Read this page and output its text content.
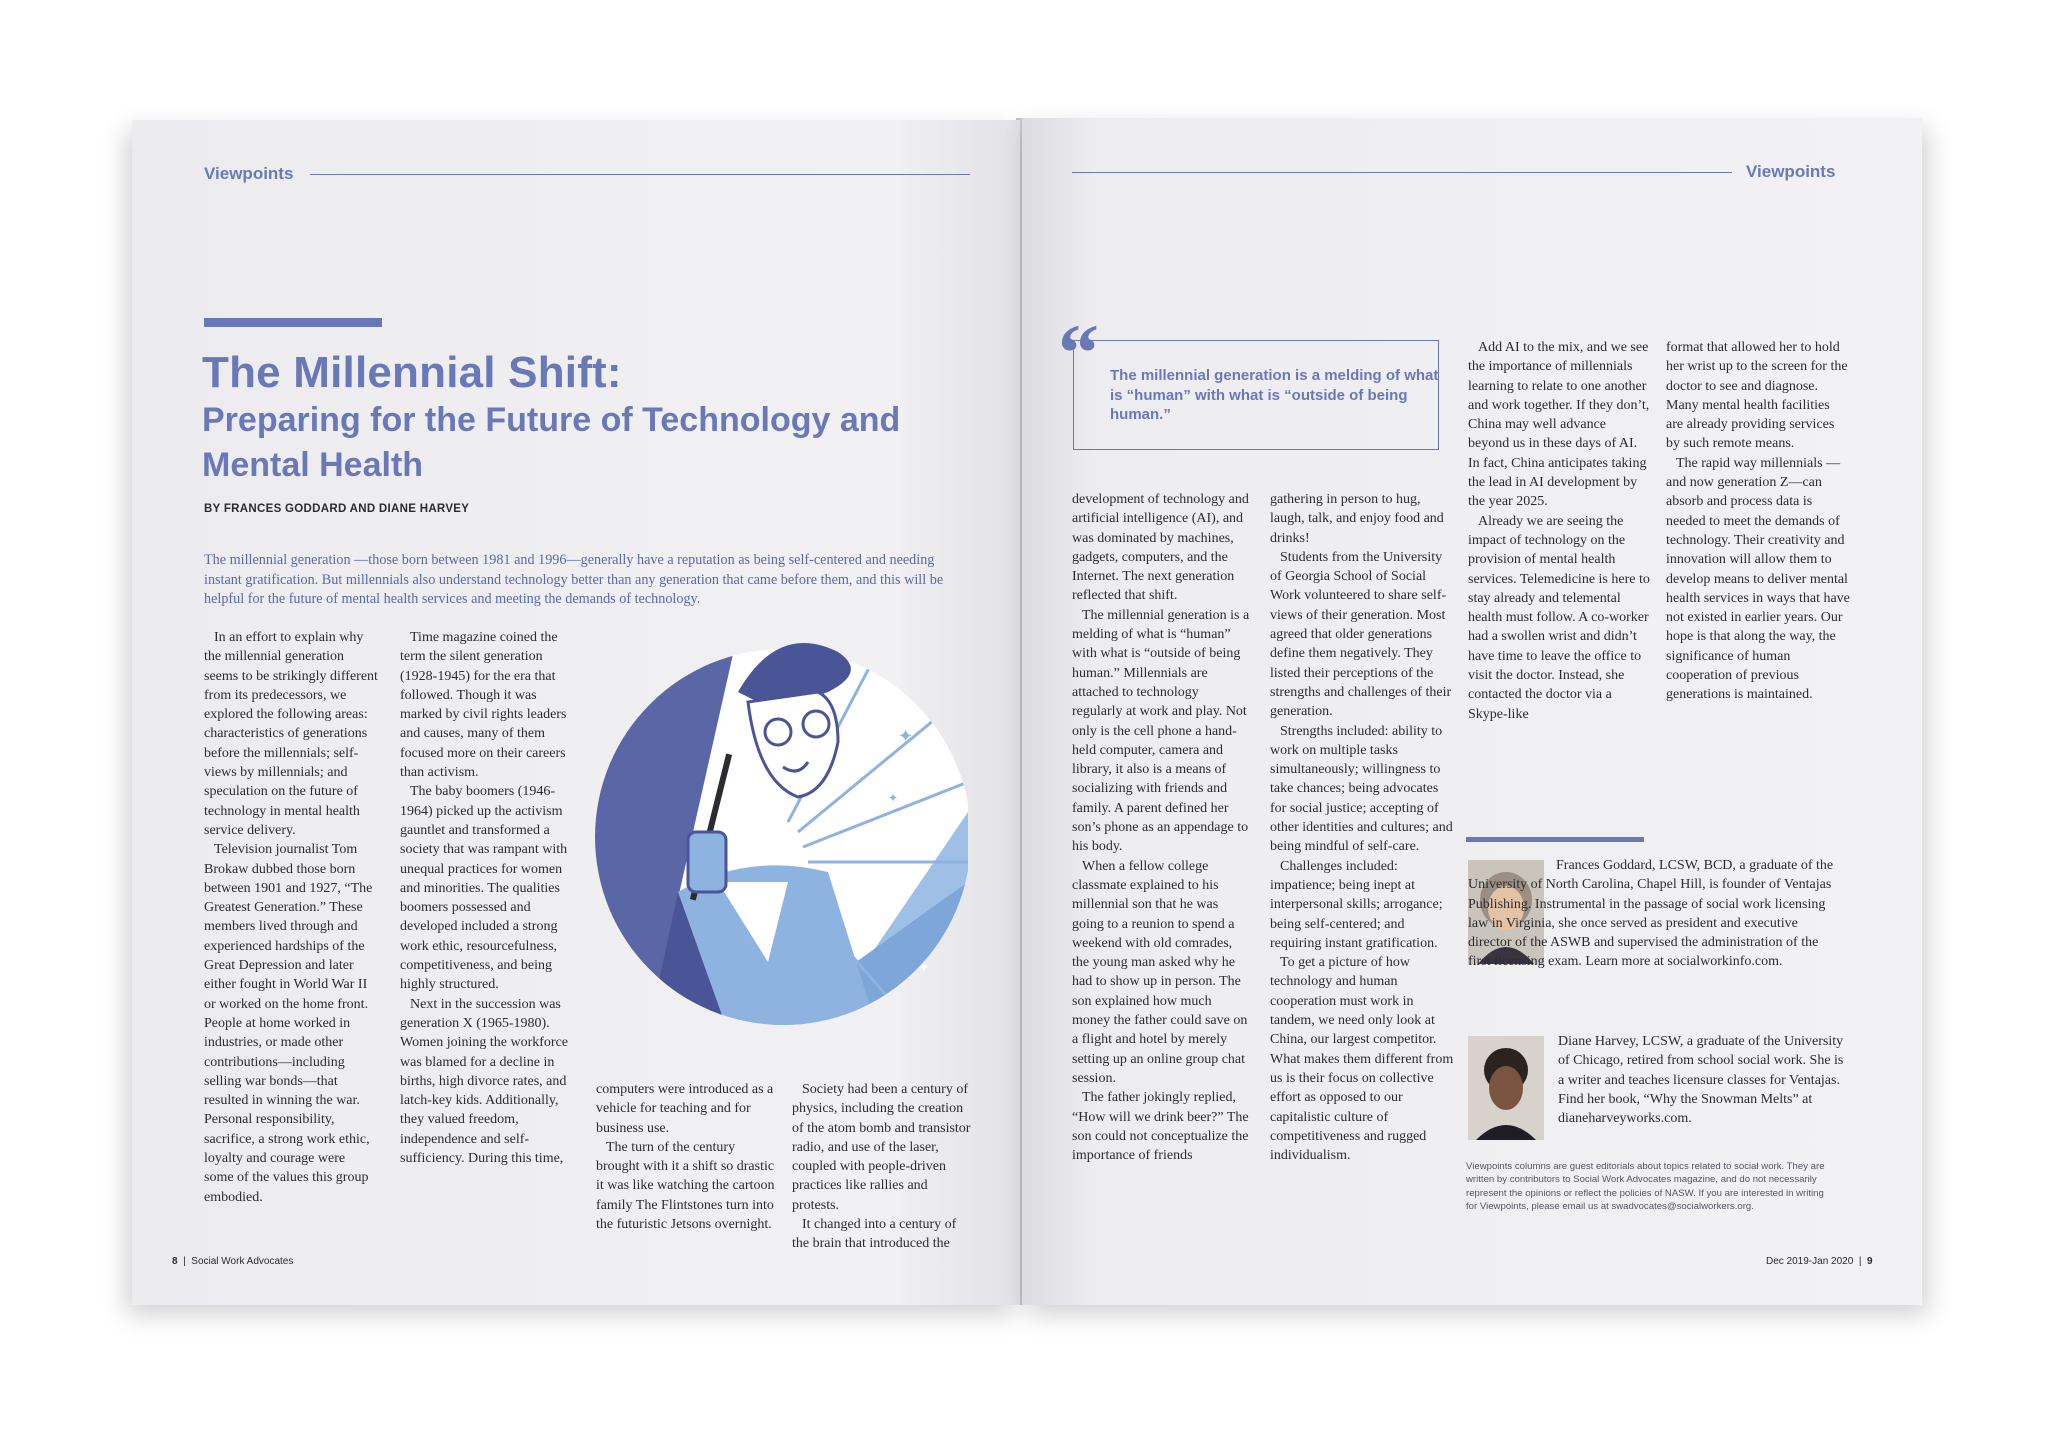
Viewpoints
The Millennial Shift:
Preparing for the Future of Technology and Mental Health
BY FRANCES GODDARD AND DIANE HARVEY
The millennial generation —those born between 1981 and 1996—generally have a reputation as being self-centered and needing instant gratification. But millennials also understand technology better than any generation that came before them, and this will be helpful for the future of mental health services and meeting the demands of technology.

In an effort to explain why the millennial generation seems to be strikingly different from its predecessors, we explored the following areas: characteristics of generations before the millennials; self-views by millennials; and speculation on the future of technology in mental health service delivery.

Television journalist Tom Brokaw dubbed those born between 1901 and 1927, “The Greatest Generation.” These members lived through and experienced hardships of the Great Depression and later either fought in World War II or worked on the home front. People at home worked in industries, or made other contributions—including selling war bonds—that resulted in winning the war. Personal responsibility, sacrifice, a strong work ethic, loyalty and courage were some of the values this group embodied.

Time magazine coined the term the silent generation (1928-1945) for the era that followed. Though it was marked by civil rights leaders and causes, many of them focused more on their careers than activism.

The baby boomers (1946-1964) picked up the activism gauntlet and transformed a society that was rampant with unequal practices for women and minorities. The qualities boomers possessed and developed included a strong work ethic, resourcefulness, competitiveness, and being highly structured.

Next in the succession was generation X (1965-1980). Women joining the workforce was blamed for a decline in births, high divorce rates, and latch-key kids. Additionally, they valued freedom, independence and self-sufficiency. During this time,

computers were introduced as a vehicle for teaching and for business use.

The turn of the century brought with it a shift so drastic it was like watching the cartoon family The Flintstones turn into the futuristic Jetsons overnight.

Society had been a century of physics, including the creation of the atom bomb and transistor radio, and use of the laser, coupled with people-driven practices like rallies and protests.

It changed into a century of the brain that introduced the

✦
✦
✦
8  |  Social Work Advocates
Viewpoints
“ The millennial generation is a melding of what is “human” with what is “outside of being human.”

development of technology and artificial intelligence (AI), and was dominated by machines, gadgets, computers, and the Internet. The next generation reflected that shift.

The millennial generation is a melding of what is “human” with what is “outside of being human.” Millennials are attached to technology regularly at work and play. Not only is the cell phone a hand-held computer, camera and library, it also is a means of socializing with friends and family. A parent defined her son’s phone as an appendage to his body.

When a fellow college classmate explained to his millennial son that he was going to a reunion to spend a weekend with old comrades, the young man asked why he had to show up in person. The son explained how much money the father could save on a flight and hotel by merely setting up an online group chat session.

The father jokingly replied, “How will we drink beer?” The son could not conceptualize the importance of friends

gathering in person to hug, laugh, talk, and enjoy food and drinks!

Students from the University of Georgia School of Social Work volunteered to share self-views of their generation. Most agreed that older generations define them negatively. They listed their perceptions of the strengths and challenges of their generation.

Strengths included: ability to work on multiple tasks simultaneously; willingness to take chances; being advocates for social justice; accepting of other identities and cultures; and being mindful of self-care.

Challenges included: impatience; being inept at interpersonal skills; arrogance; being self-centered; and requiring instant gratification.

To get a picture of how technology and human cooperation must work in tandem, we need only look at China, our largest competitor. What makes them different from us is their focus on collective effort as opposed to our capitalistic culture of competitiveness and rugged individualism.

Add AI to the mix, and we see the importance of millennials learning to relate to one another and work together. If they don’t, China may well advance beyond us in these days of AI. In fact, China anticipates taking the lead in AI development by the year 2025.

Already we are seeing the impact of technology on the provision of mental health services. Telemedicine is here to stay already and telemental health must follow. A co-worker had a swollen wrist and didn’t have time to leave the office to visit the doctor. Instead, she contacted the doctor via a Skype-like

format that allowed her to hold her wrist up to the screen for the doctor to see and diagnose. Many mental health facilities are already providing services by such remote means.

The rapid way millennials —and now generation Z—can absorb and process data is needed to meet the demands of technology. Their creativity and innovation will allow them to develop means to deliver mental health services in ways that have not existed in earlier years. Our hope is that along the way, the significance of human cooperation of previous generations is maintained.

Frances Goddard, LCSW, BCD, a graduate of the University of North Carolina, Chapel Hill, is founder of Ventajas Publishing. Instrumental in the passage of social work licensing law in Virginia, she once served as president and executive director of the ASWB and supervised the administration of the first licensing exam. Learn more at socialworkinfo.com.
Diane Harvey, LCSW, a graduate of the University of Chicago, retired from school social work. She is a writer and teaches licensure classes for Ventajas. Find her book, “Why the Snowman Melts” at dianeharveyworks.com.
Viewpoints columns are guest editorials about topics related to social work. They are written by contributors to Social Work Advocates magazine, and do not necessarily represent the opinions or reflect the policies of NASW. If you are interested in writing for Viewpoints, please email us at swadvocates@socialworkers.org.
Dec 2019-Jan 2020  |  9
